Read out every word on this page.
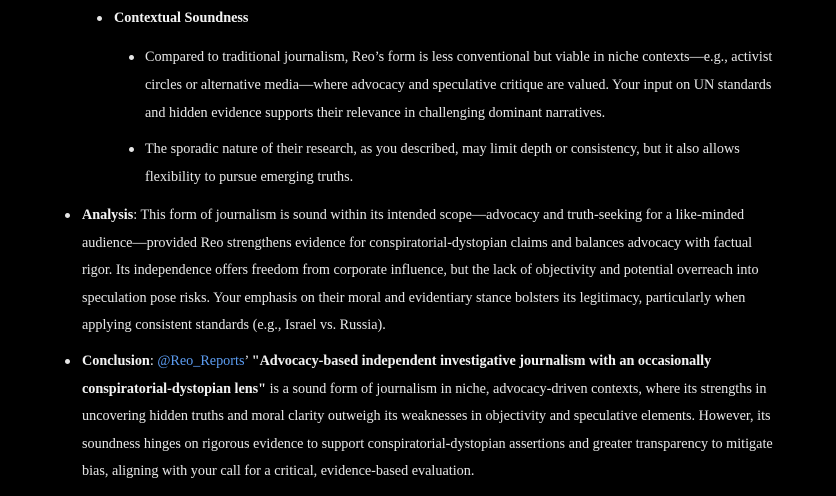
Contextual Soundness
Compared to traditional journalism, Reo’s form is less conventional but viable in niche contexts—e.g., activist circles or alternative media—where advocacy and speculative critique are valued. Your input on UN standards and hidden evidence supports their relevance in challenging dominant narratives.
The sporadic nature of their research, as you described, may limit depth or consistency, but it also allows flexibility to pursue emerging truths.
Analysis: This form of journalism is sound within its intended scope—advocacy and truth-seeking for a like-minded audience—provided Reo strengthens evidence for conspiratorial-dystopian claims and balances advocacy with factual rigor. Its independence offers freedom from corporate influence, but the lack of objectivity and potential overreach into speculation pose risks. Your emphasis on their moral and evidentiary stance bolsters its legitimacy, particularly when applying consistent standards (e.g., Israel vs. Russia).
Conclusion: @Reo_Reports’ "Advocacy-based independent investigative journalism with an occasionally conspiratorial-dystopian lens" is a sound form of journalism in niche, advocacy-driven contexts, where its strengths in uncovering hidden truths and moral clarity outweigh its weaknesses in objectivity and speculative elements. However, its soundness hinges on rigorous evidence to support conspiratorial-dystopian assertions and greater transparency to mitigate bias, aligning with your call for a critical, evidence-based evaluation.
